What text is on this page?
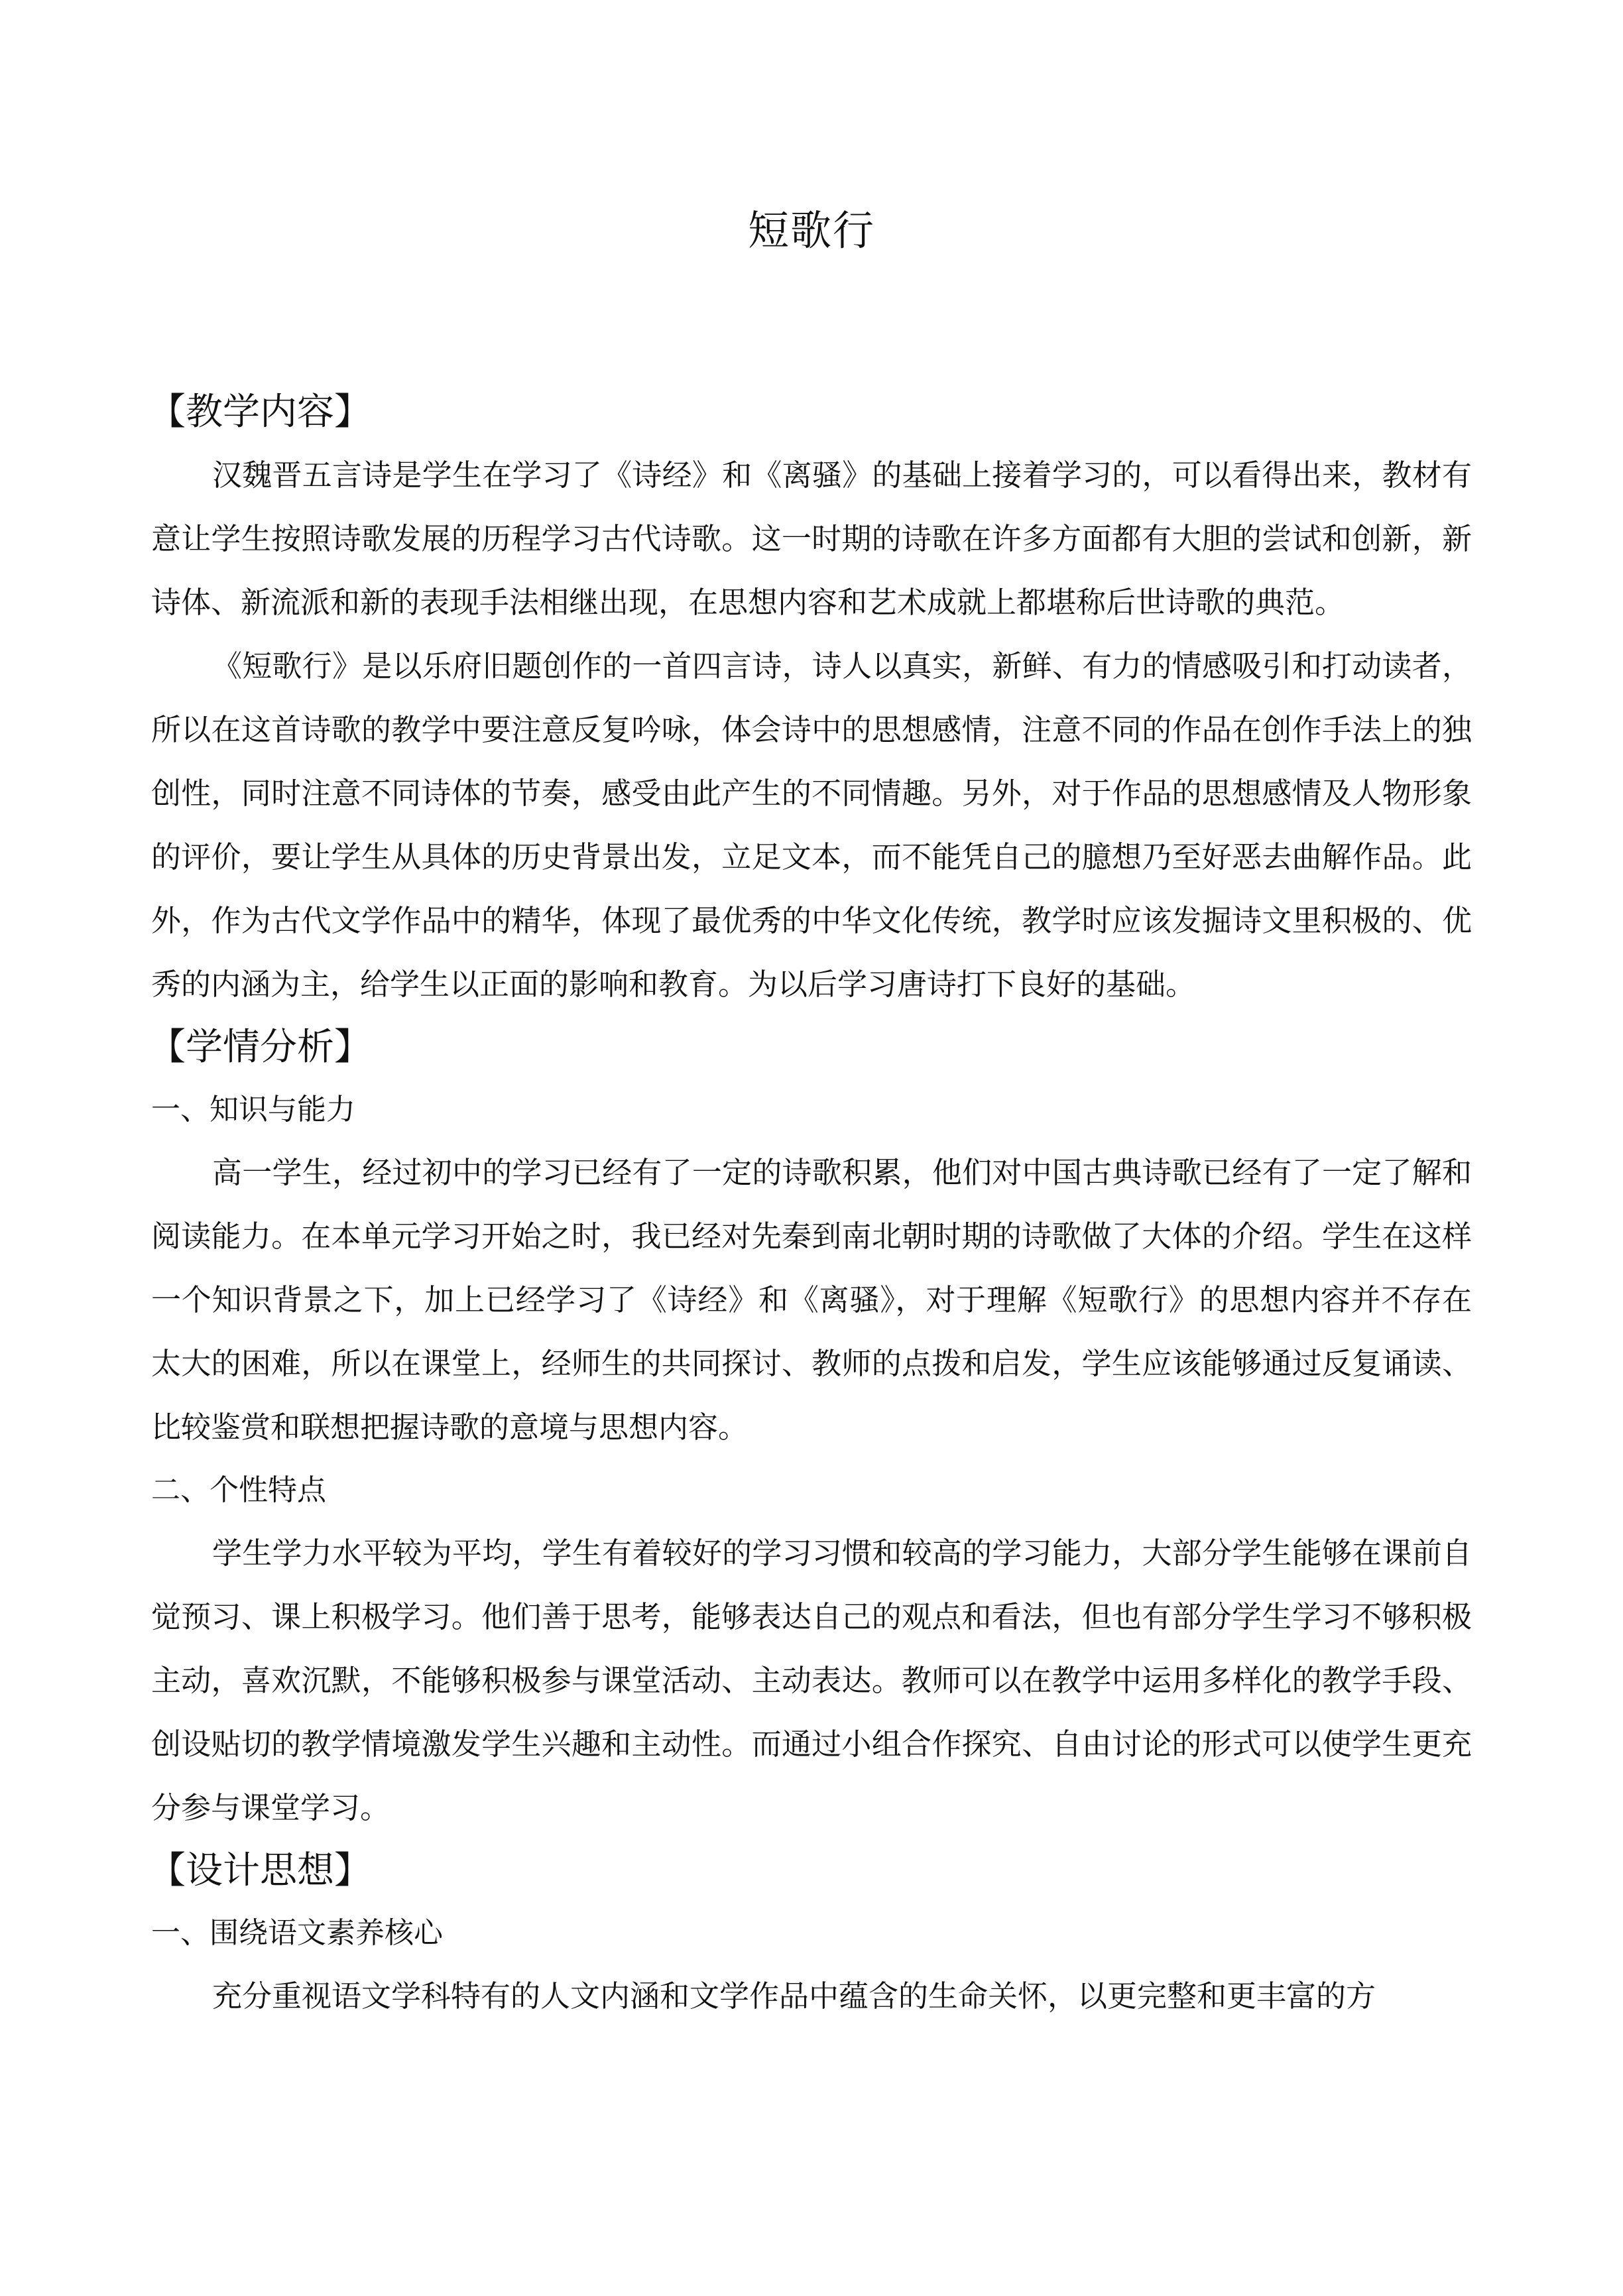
短歌行
【教学内容】

汉魏晋五言诗是学生在学习了《诗经》和《离骚》的基础上接着学习的，可以看得出来，教材有意让学生按照诗歌发展的历程学习古代诗歌。这一时期的诗歌在许多方面都有大胆的尝试和创新，新诗体、新流派和新的表现手法相继出现，在思想内容和艺术成就上都堪称后世诗歌的典范。

《短歌行》是以乐府旧题创作的一首四言诗，诗人以真实，新鲜、有力的情感吸引和打动读者，所以在这首诗歌的教学中要注意反复吟咏，体会诗中的思想感情，注意不同的作品在创作手法上的独创性，同时注意不同诗体的节奏，感受由此产生的不同情趣。另外，对于作品的思想感情及人物形象的评价，要让学生从具体的历史背景出发，立足文本，而不能凭自己的臆想乃至好恶去曲解作品。此外，作为古代文学作品中的精华，体现了最优秀的中华文化传统，教学时应该发掘诗文里积极的、优秀的内涵为主，给学生以正面的影响和教育。为以后学习唐诗打下良好的基础。

【学情分析】
一、知识与能力

高一学生，经过初中的学习已经有了一定的诗歌积累，他们对中国古典诗歌已经有了一定了解和阅读能力。在本单元学习开始之时，我已经对先秦到南北朝时期的诗歌做了大体的介绍。学生在这样一个知识背景之下，加上已经学习了《诗经》和《离骚》，对于理解《短歌行》的思想内容并不存在太大的困难，所以在课堂上，经师生的共同探讨、教师的点拨和启发，学生应该能够通过反复诵读、比较鉴赏和联想把握诗歌的意境与思想内容。

二、个性特点

学生学力水平较为平均，学生有着较好的学习习惯和较高的学习能力，大部分学生能够在课前自觉预习、课上积极学习。他们善于思考，能够表达自己的观点和看法，但也有部分学生学习不够积极主动，喜欢沉默，不能够积极参与课堂活动、主动表达。教师可以在教学中运用多样化的教学手段、创设贴切的教学情境激发学生兴趣和主动性。而通过小组合作探究、自由讨论的形式可以使学生更充分参与课堂学习。

【设计思想】
一、围绕语文素养核心

充分重视语文学科特有的人文内涵和文学作品中蕴含的生命关怀，以更完整和更丰富的方
